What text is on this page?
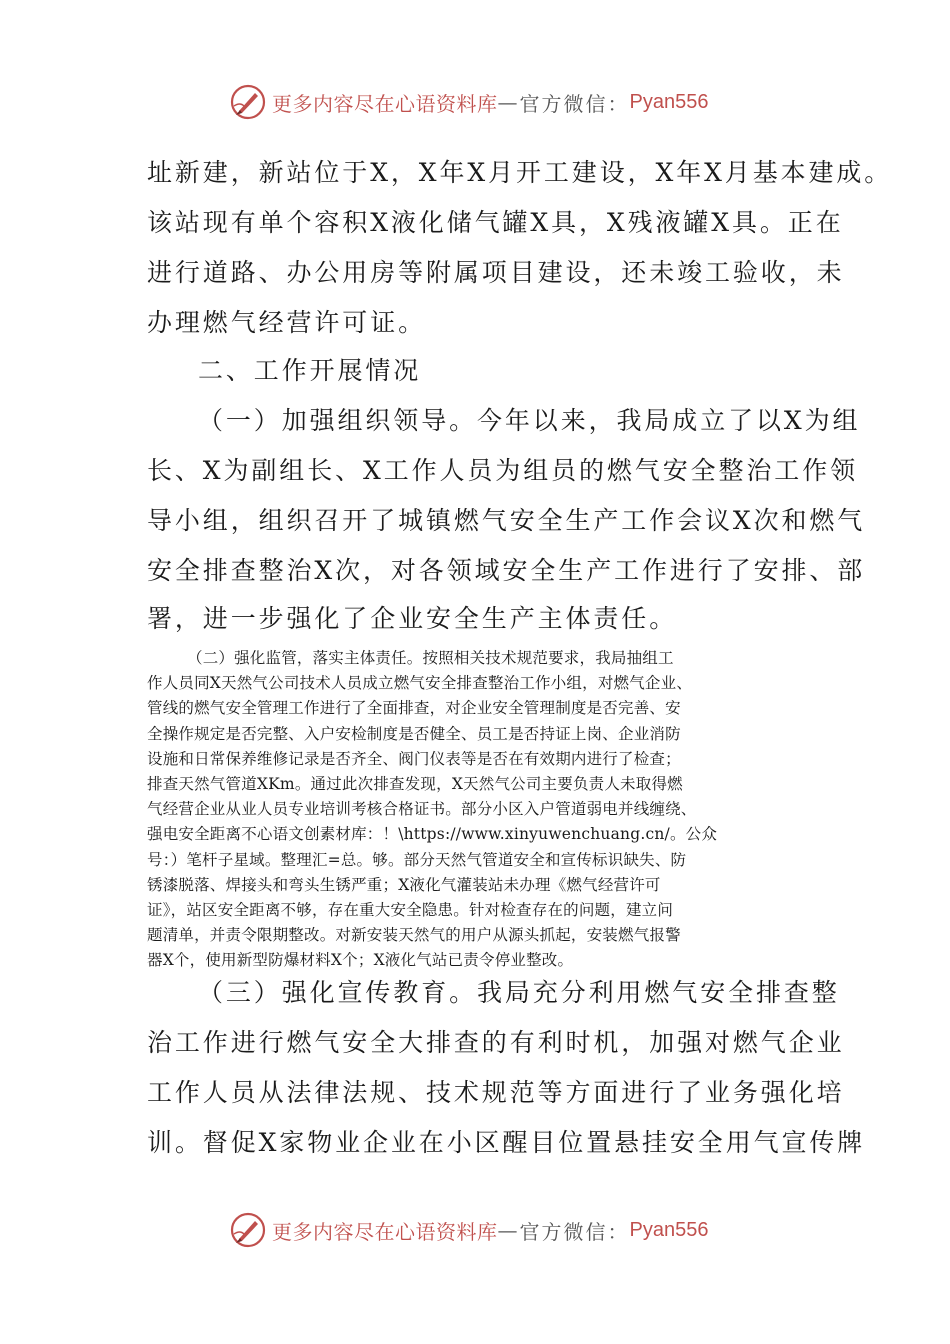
更多内容尽在心语资料库 — 官方微信： Pyan556

址新建，新站位于X，X年X月开工建设，X年X月基本建成。

该站现有单个容积X液化储气罐X具，X残液罐X具。正在

进行道路、办公用房等附属项目建设，还未竣工验收，未

办理燃气经营许可证。

二、工作开展情况

（一）加强组织领导。今年以来，我局成立了以X为组

长、X为副组长、X工作人员为组员的燃气安全整治工作领

导小组，组织召开了城镇燃气安全生产工作会议X次和燃气

安全排查整治X次，对各领域安全生产工作进行了安排、部

署，进一步强化了企业安全生产主体责任。

（二）强化监管，落实主体责任。按照相关技术规范要求，我局抽组工
作人员同X天然气公司技术人员成立燃气安全排查整治工作小组，对燃气企业、
管线的燃气安全管理工作进行了全面排查，对企业安全管理制度是否完善、安
全操作规定是否完整、入户安检制度是否健全、员工是否持证上岗、企业消防
设施和日常保养维修记录是否齐全、阀门仪表等是否在有效期内进行了检查；
排查天然气管道XKm。通过此次排查发现，X天然气公司主要负责人未取得燃
气经营企业从业人员专业培训考核合格证书。部分小区入户管道弱电并线缠绕、
强电安全距离不心语文创素材库：！\https://www.xinyuwenchuang.cn/。公众
号：）笔杆子星域。整理汇=总。够。部分天然气管道安全和宣传标识缺失、防
锈漆脱落、焊接头和弯头生锈严重；X液化气灌装站未办理《燃气经营许可
证》，站区安全距离不够，存在重大安全隐患。针对检查存在的问题，建立问
题清单，并责令限期整改。对新安装天然气的用户从源头抓起，安装燃气报警
器X个，使用新型防爆材料X个；X液化气站已责令停业整改。

（三）强化宣传教育。我局充分利用燃气安全排查整

治工作进行燃气安全大排查的有利时机，加强对燃气企业

工作人员从法律法规、技术规范等方面进行了业务强化培

训。督促X家物业企业在小区醒目位置悬挂安全用气宣传牌

更多内容尽在心语资料库 — 官方微信： Pyan556
